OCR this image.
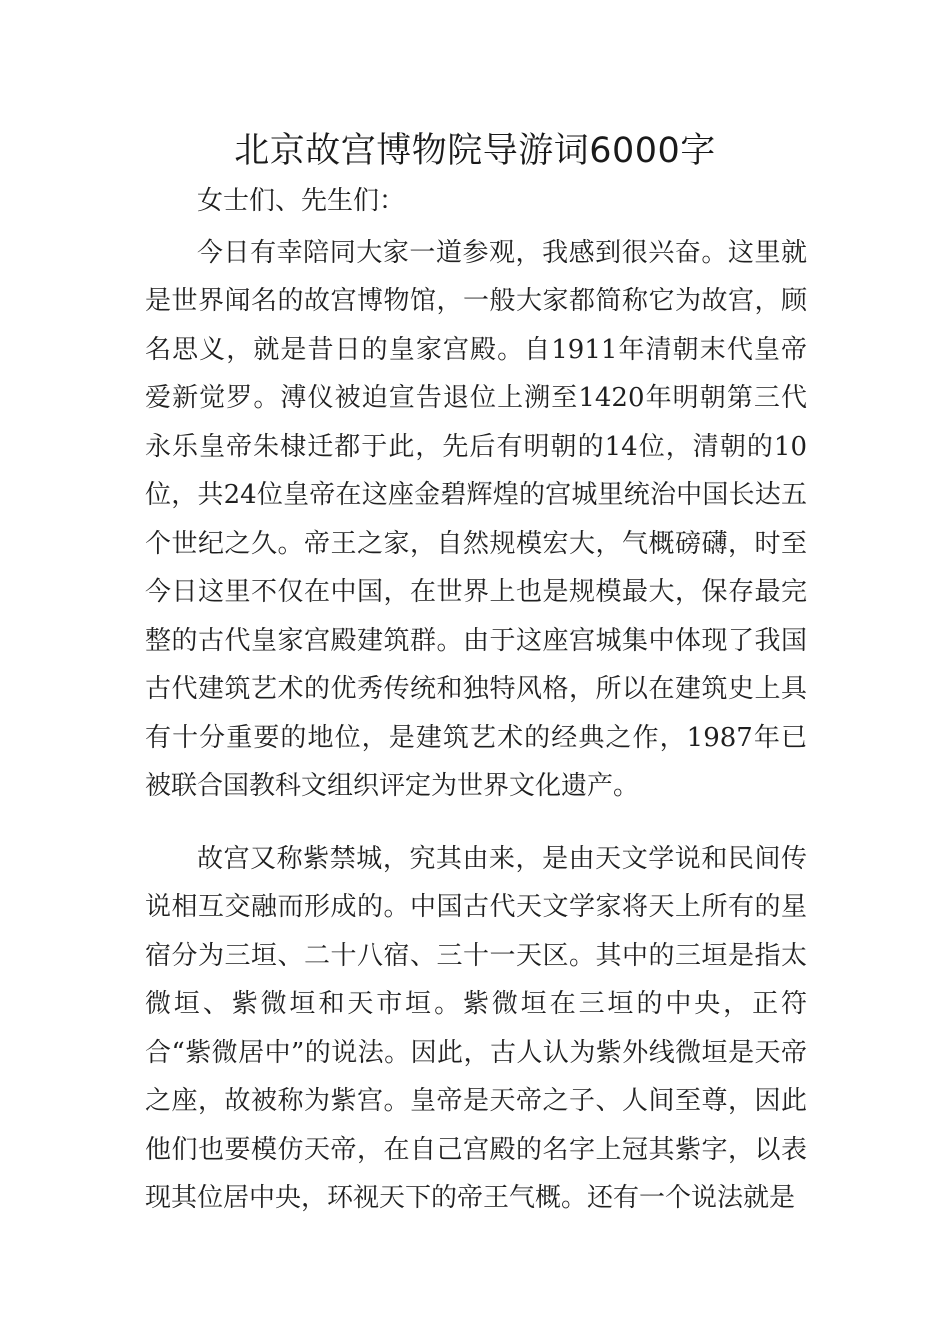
北京故宫博物院导游词6000字

女士们、先生们：

今日有幸陪同大家一道参观，我感到很兴奋。这里就是世界闻名的故宫博物馆，一般大家都简称它为故宫，顾名思义，就是昔日的皇家宫殿。自1911年清朝末代皇帝爱新觉罗。溥仪被迫宣告退位上溯至1420年明朝第三代永乐皇帝朱棣迁都于此，先后有明朝的14位，清朝的10位，共24位皇帝在这座金碧辉煌的宫城里统治中国长达五个世纪之久。帝王之家，自然规模宏大，气概磅礴，时至今日这里不仅在中国，在世界上也是规模最大，保存最完整的古代皇家宫殿建筑群。由于这座宫城集中体现了我国古代建筑艺术的优秀传统和独特风格，所以在建筑史上具有十分重要的地位，是建筑艺术的经典之作，1987年已被联合国教科文组织评定为世界文化遗产。

故宫又称紫禁城，究其由来，是由天文学说和民间传说相互交融而形成的。中国古代天文学家将天上所有的星宿分为三垣、二十八宿、三十一天区。其中的三垣是指太微垣、紫微垣和天市垣。紫微垣在三垣的中央，正符合“紫微居中”的说法。因此，古人认为紫外线微垣是天帝之座，故被称为紫宫。皇帝是天帝之子、人间至尊，因此他们也要模仿天帝，在自己宫殿的名字上冠其紫字，以表现其位居中央，环视天下的帝王气概。还有一个说法就是
